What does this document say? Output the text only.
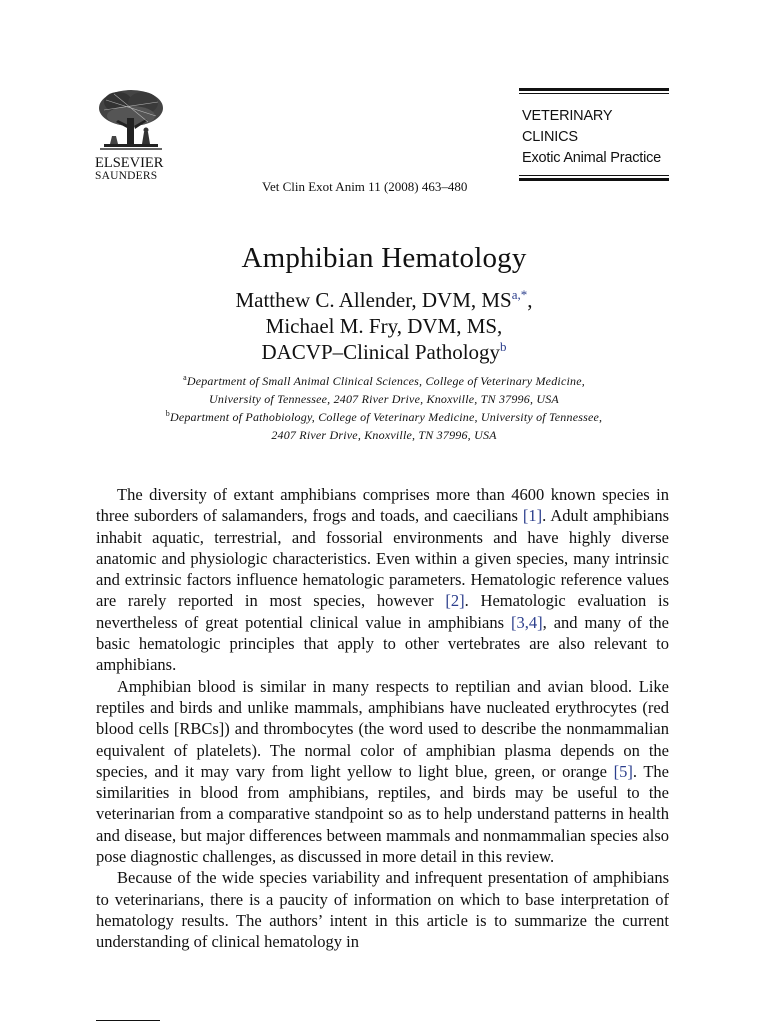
ELSEVIER
SAUNDERS
Vet Clin Exot Anim 11 (2008) 463–480
VETERINARY
CLINICS
Exotic Animal Practice
Amphibian Hematology
Matthew C. Allender, DVM, $MS^{a,*}$,
Michael M. Fry, DVM, MS,
DACVP–Clinical Pathology$^b$
$^a$Department of Small Animal Clinical Sciences, College of Veterinary Medicine,
University of Tennessee, 2407 River Drive, Knoxville, TN 37996, USA
$^b$Department of Pathobiology, College of Veterinary Medicine, University of Tennessee,
2407 River Drive, Knoxville, TN 37996, USA

The diversity of extant amphibians comprises more than 4600 known species in three suborders of salamanders, frogs and toads, and caecilians [1]. Adult amphibians inhabit aquatic, terrestrial, and fossorial environments and have highly diverse anatomic and physiologic characteristics. Even within a given species, many intrinsic and extrinsic factors influence hematologic parameters. Hematologic reference values are rarely reported in most species, however [2]. Hematologic evaluation is nevertheless of great potential clinical value in amphibians [3,4], and many of the basic hematologic principles that apply to other vertebrates are also relevant to amphibians.

Amphibian blood is similar in many respects to reptilian and avian blood. Like reptiles and birds and unlike mammals, amphibians have nucleated erythrocytes (red blood cells [RBCs]) and thrombocytes (the word used to describe the nonmammalian equivalent of platelets). The normal color of amphibian plasma depends on the species, and it may vary from light yellow to light blue, green, or orange [5]. The similarities in blood from amphibians, reptiles, and birds may be useful to the veterinarian from a comparative standpoint so as to help understand patterns in health and disease, but major differences between mammals and nonmammalian species also pose diagnostic challenges, as discussed in more detail in this review.

Because of the wide species variability and infrequent presentation of amphibians to veterinarians, there is a paucity of information on which to base interpretation of hematology results. The authors’ intent in this article is to summarize the current understanding of clinical hematology in
